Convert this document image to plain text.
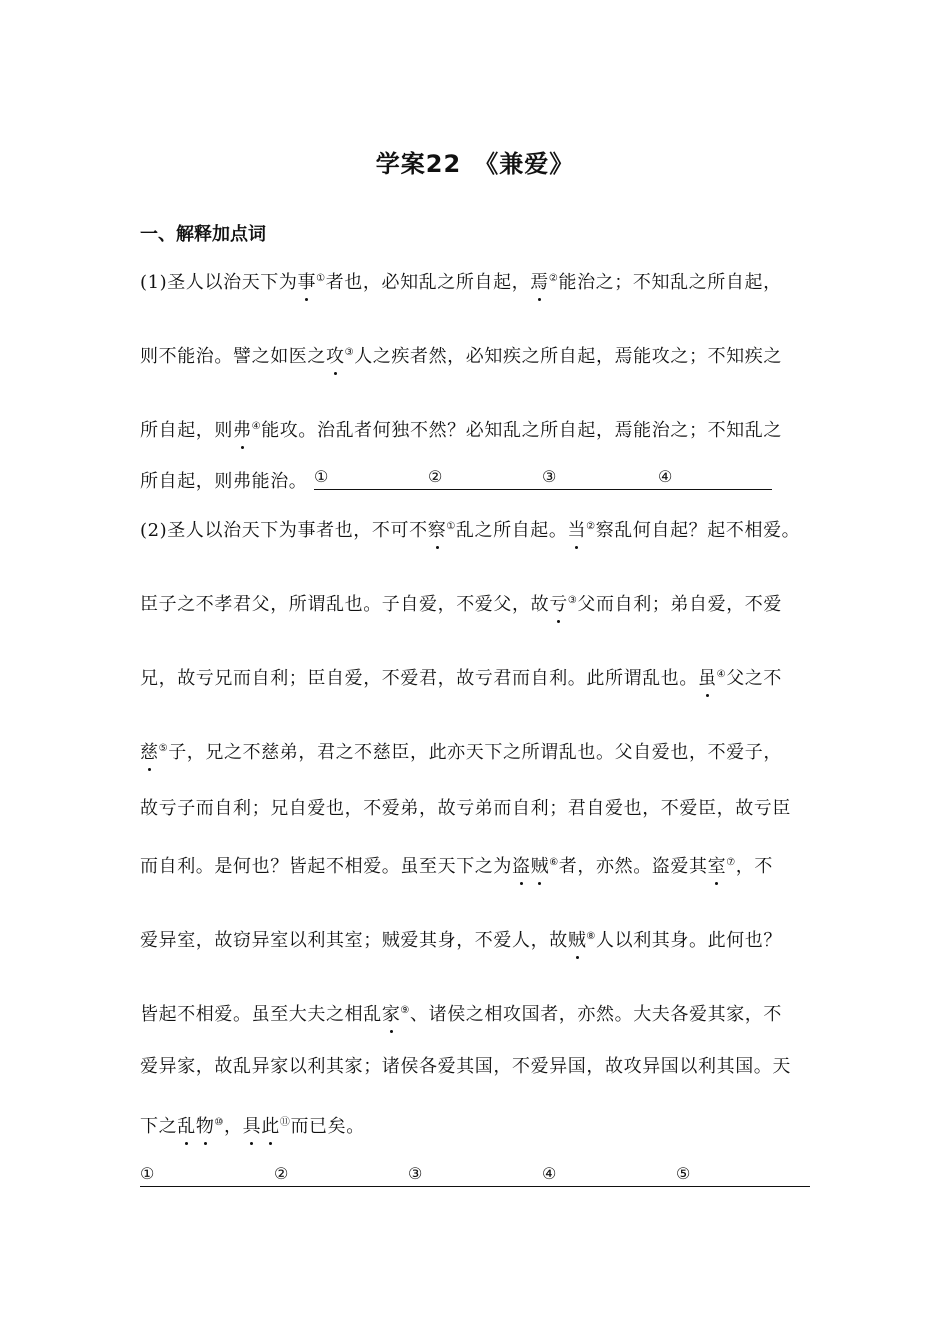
学案22　《兼爱》
一、解释加点词
(1)圣人以治天下为事①者也，必知乱之所自起，焉②能治之；不知乱之所自起，
则不能治。譬之如医之攻③人之疾者然，必知疾之所自起，焉能攻之；不知疾之
所自起，则弗④能攻。治乱者何独不然？必知乱之所自起，焉能治之；不知乱之
所自起，则弗能治。 ①	②	③	④
(2)圣人以治天下为事者也，不可不察①乱之所自起。当②察乱何自起？起不相爱。
臣子之不孝君父，所谓乱也。子自爱，不爱父，故亏③父而自利；弟自爱，不爱
兄，故亏兄而自利；臣自爱，不爱君，故亏君而自利。此所谓乱也。虽④父之不
慈⑤子，兄之不慈弟，君之不慈臣，此亦天下之所谓乱也。父自爱也，不爱子，
故亏子而自利；兄自爱也，不爱弟，故亏弟而自利；君自爱也，不爱臣，故亏臣
而自利。是何也？皆起不相爱。虽至天下之为盗贼⑥者，亦然。盗爱其室⑦，不
爱异室，故窃异室以利其室；贼爱其身，不爱人，故贼⑧人以利其身。此何也？
皆起不相爱。虽至大夫之相乱家⑨、诸侯之相攻国者，亦然。大夫各爱其家，不
爱异家，故乱异家以利其家；诸侯各爱其国，不爱异国，故攻异国以利其国。天
下之乱物⑩，具此⑪而已矣。
①	②	③	④	⑤
